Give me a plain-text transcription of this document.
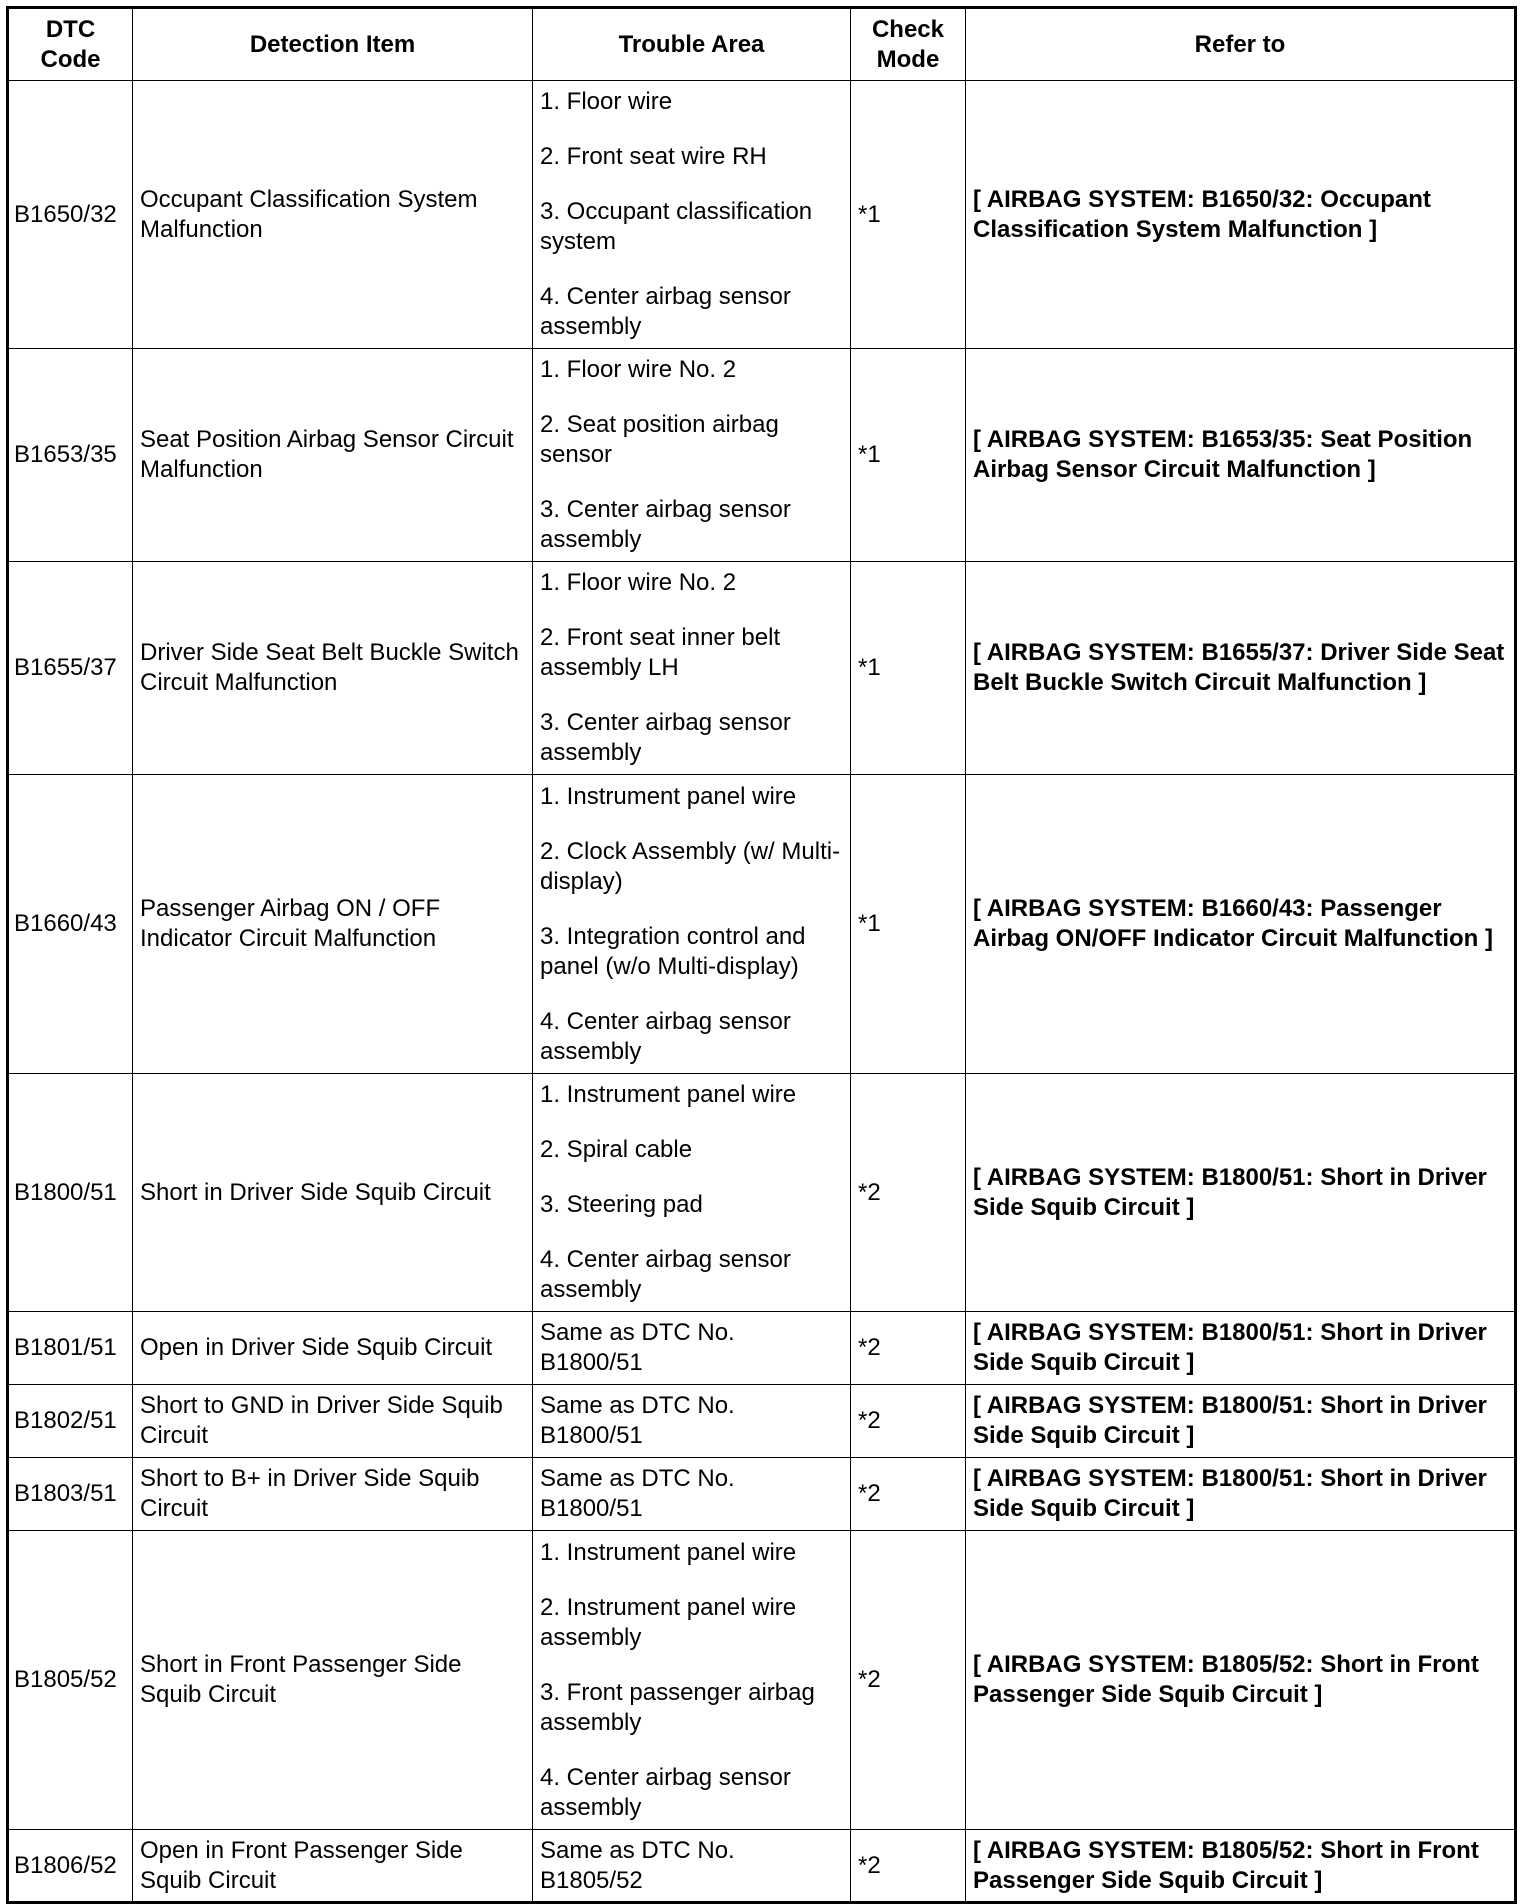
DTC Code	Detection Item	Trouble Area	Check Mode	Refer to
B1650/32	Occupant Classification System Malfunction	1. Floor wire
2. Front seat wire RH
3. Occupant classification system
4. Center airbag sensor assembly	*1	[ AIRBAG SYSTEM: B1650/32: Occupant Classification System Malfunction ]
B1653/35	Seat Position Airbag Sensor Circuit Malfunction	1. Floor wire No. 2
2. Seat position airbag sensor
3. Center airbag sensor assembly	*1	[ AIRBAG SYSTEM: B1653/35: Seat Position Airbag Sensor Circuit Malfunction ]
B1655/37	Driver Side Seat Belt Buckle Switch Circuit Malfunction	1. Floor wire No. 2
2. Front seat inner belt assembly LH
3. Center airbag sensor assembly	*1	[ AIRBAG SYSTEM: B1655/37: Driver Side Seat Belt Buckle Switch Circuit Malfunction ]
B1660/43	Passenger Airbag ON / OFF Indicator Circuit Malfunction	1. Instrument panel wire
2. Clock Assembly (w/ Multi-display)
3. Integration control and panel (w/o Multi-display)
4. Center airbag sensor assembly	*1	[ AIRBAG SYSTEM: B1660/43: Passenger Airbag ON/OFF Indicator Circuit Malfunction ]
B1800/51	Short in Driver Side Squib Circuit	1. Instrument panel wire
2. Spiral cable
3. Steering pad
4. Center airbag sensor assembly	*2	[ AIRBAG SYSTEM: B1800/51: Short in Driver Side Squib Circuit ]
B1801/51	Open in Driver Side Squib Circuit	Same as DTC No. B1800/51	*2	[ AIRBAG SYSTEM: B1800/51: Short in Driver Side Squib Circuit ]
B1802/51	Short to GND in Driver Side Squib Circuit	Same as DTC No. B1800/51	*2	[ AIRBAG SYSTEM: B1800/51: Short in Driver Side Squib Circuit ]
B1803/51	Short to B+ in Driver Side Squib Circuit	Same as DTC No. B1800/51	*2	[ AIRBAG SYSTEM: B1800/51: Short in Driver Side Squib Circuit ]
B1805/52	Short in Front Passenger Side Squib Circuit	1. Instrument panel wire
2. Instrument panel wire assembly
3. Front passenger airbag assembly
4. Center airbag sensor assembly	*2	[ AIRBAG SYSTEM: B1805/52: Short in Front Passenger Side Squib Circuit ]
B1806/52	Open in Front Passenger Side Squib Circuit	Same as DTC No. B1805/52	*2	[ AIRBAG SYSTEM: B1805/52: Short in Front Passenger Side Squib Circuit ]
